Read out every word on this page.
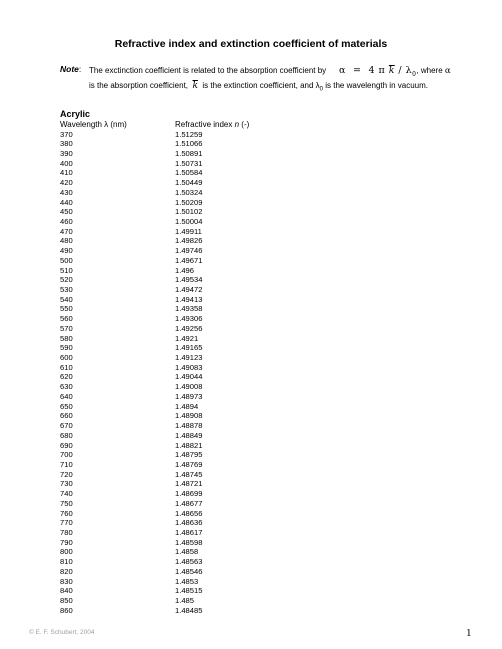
Refractive index and extinction coefficient of materials
Note: The exctinction coefficient is related to the absorption coefficient by α = 4 π $\overline{k} / \lambda_0$, where α
is the absorption coefficient, $\overline{k}$ is the extinction coefficient, and $\lambda_0$ is the wavelength in vacuum.
Acrylic
Wavelength λ (nm)	Refractive index n (-)
370	1.51259
380	1.51066
390	1.50891
400	1.50731
410	1.50584
420	1.50449
430	1.50324
440	1.50209
450	1.50102
460	1.50004
470	1.49911
480	1.49826
490	1.49746
500	1.49671
510	1.496
520	1.49534
530	1.49472
540	1.49413
550	1.49358
560	1.49306
570	1.49256
580	1.4921
590	1.49165
600	1.49123
610	1.49083
620	1.49044
630	1.49008
640	1.48973
650	1.4894
660	1.48908
670	1.48878
680	1.48849
690	1.48821
700	1.48795
710	1.48769
720	1.48745
730	1.48721
740	1.48699
750	1.48677
760	1.48656
770	1.48636
780	1.48617
790	1.48598
800	1.4858
810	1.48563
820	1.48546
830	1.4853
840	1.48515
850	1.485
860	1.48485
© E. F. Schubert, 2004	1
